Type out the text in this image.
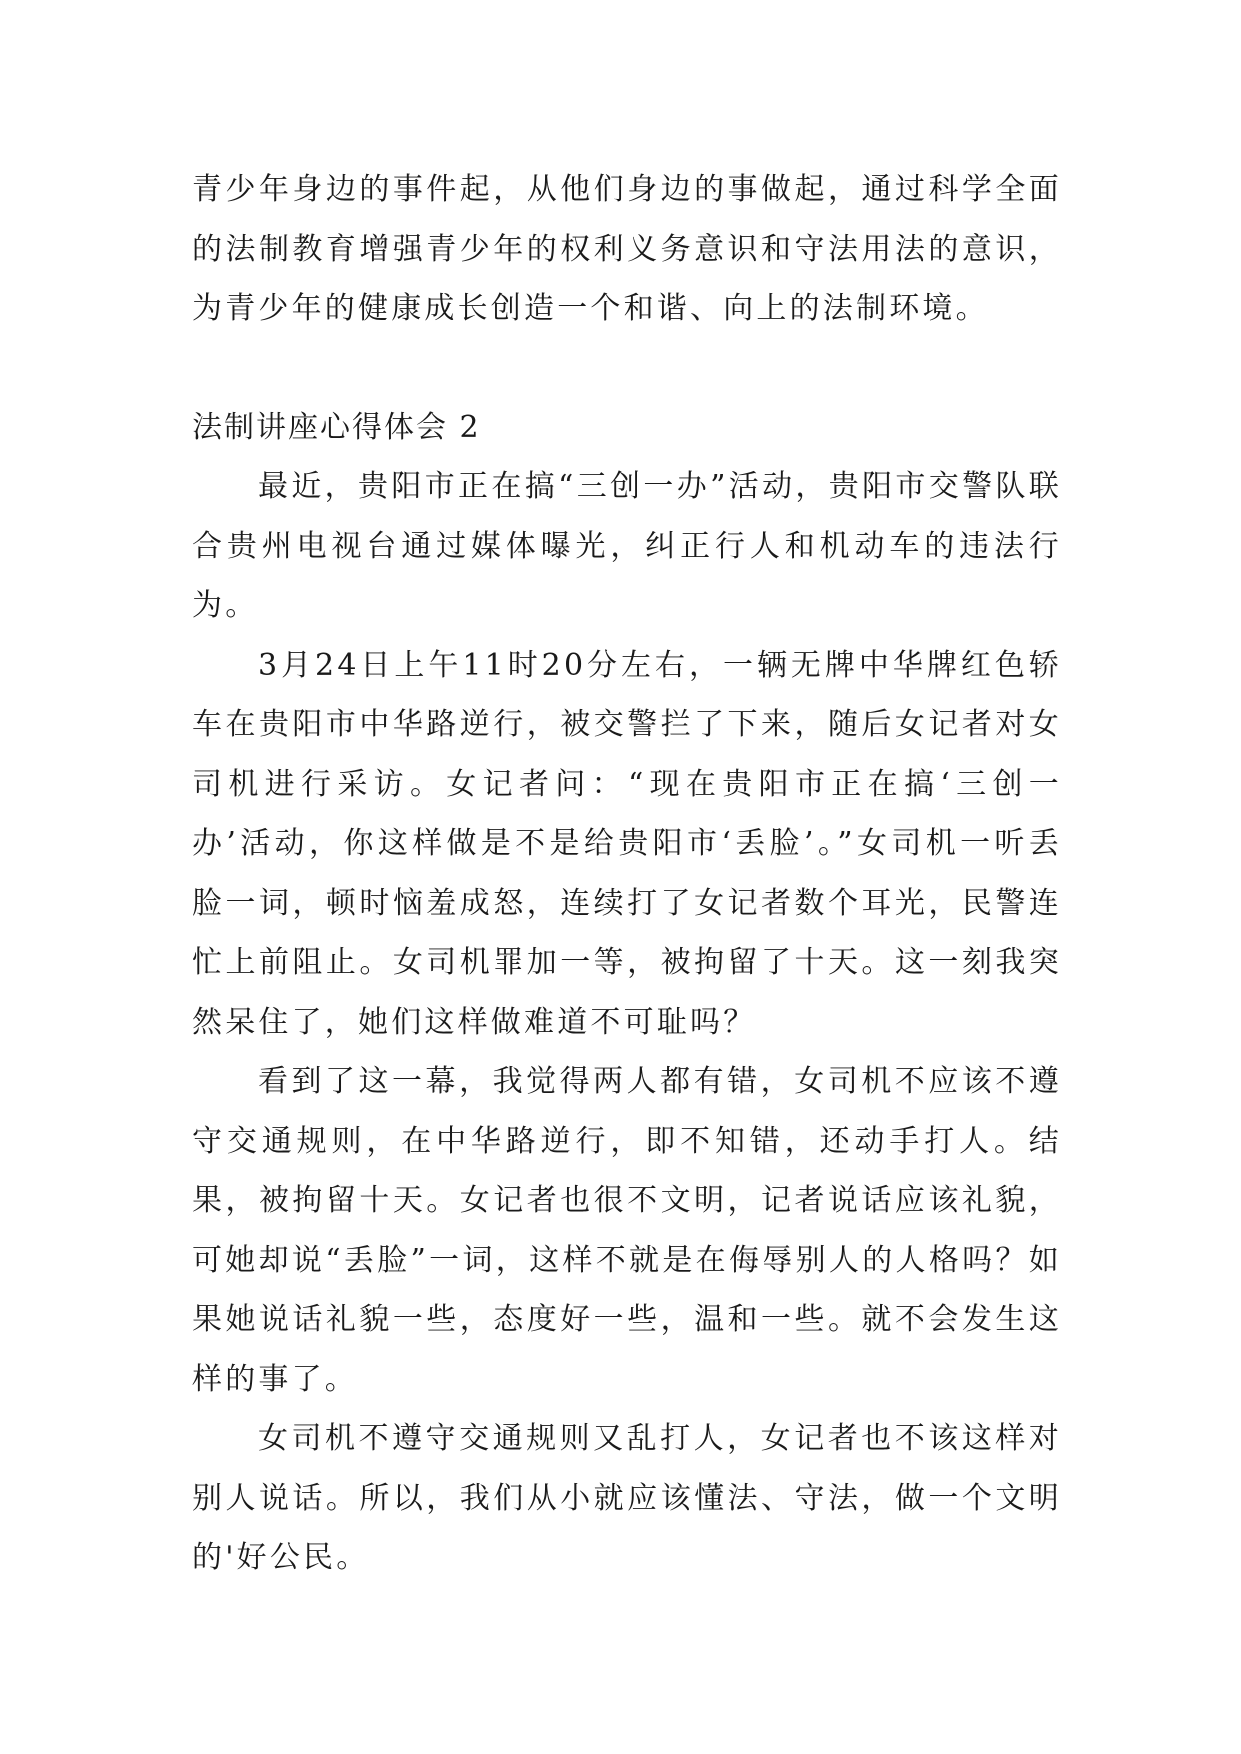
青少年身边的事件起，从他们身边的事做起，通过科学全面的法制教育增强青少年的权利义务意识和守法用法的意识，为青少年的健康成长创造一个和谐、向上的法制环境。

法制讲座心得体会 2

最近，贵阳市正在搞“三创一办”活动，贵阳市交警队联合贵州电视台通过媒体曝光，纠正行人和机动车的违法行为。

3月24日上午11时20分左右，一辆无牌中华牌红色轿车在贵阳市中华路逆行，被交警拦了下来，随后女记者对女司机进行采访。女记者问：“现在贵阳市正在搞‘三创一办’活动，你这样做是不是给贵阳市‘丢脸’。”女司机一听丢脸一词，顿时恼羞成怒，连续打了女记者数个耳光，民警连忙上前阻止。女司机罪加一等，被拘留了十天。这一刻我突然呆住了，她们这样做难道不可耻吗？

看到了这一幕，我觉得两人都有错，女司机不应该不遵守交通规则，在中华路逆行，即不知错，还动手打人。结果，被拘留十天。女记者也很不文明，记者说话应该礼貌，可她却说“丢脸”一词，这样不就是在侮辱别人的人格吗？如果她说话礼貌一些，态度好一些，温和一些。就不会发生这样的事了。

女司机不遵守交通规则又乱打人，女记者也不该这样对别人说话。所以，我们从小就应该懂法、守法，做一个文明的'好公民。
